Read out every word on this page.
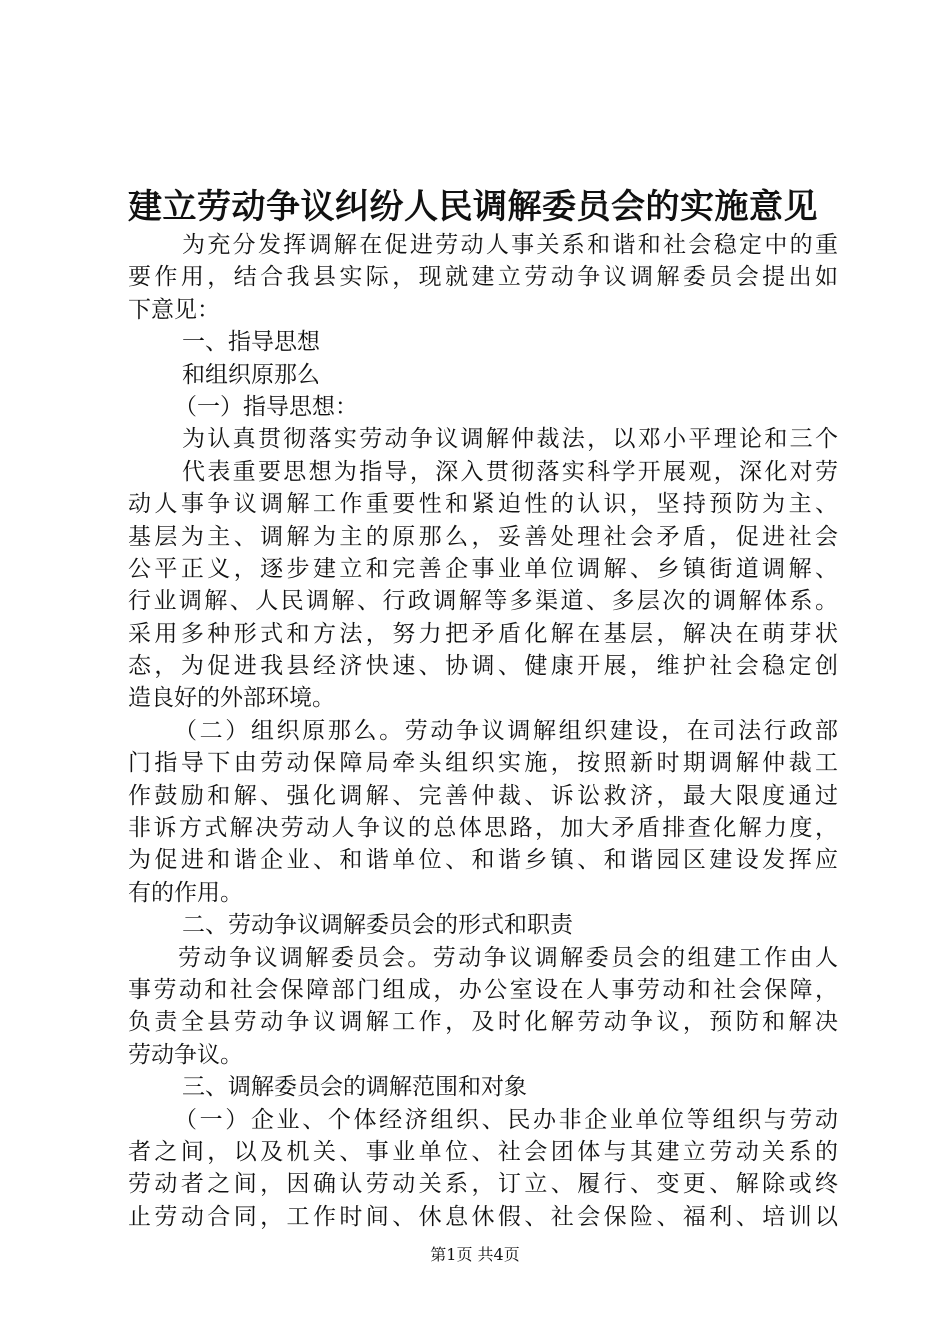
建立劳动争议纠纷人民调解委员会的实施意见
为充分发挥调解在促进劳动人事关系和谐和社会稳定中的重
要作用，结合我县实际，现就建立劳动争议调解委员会提出如
下意见：
一、指导思想
和组织原那么
（一）指导思想：
为认真贯彻落实劳动争议调解仲裁法，以邓小平理论和三个
代表重要思想为指导，深入贯彻落实科学开展观，深化对劳
动人事争议调解工作重要性和紧迫性的认识，坚持预防为主、
基层为主、调解为主的原那么，妥善处理社会矛盾，促进社会
公平正义，逐步建立和完善企事业单位调解、乡镇街道调解、
行业调解、人民调解、行政调解等多渠道、多层次的调解体系。
采用多种形式和方法，努力把矛盾化解在基层，解决在萌芽状
态，为促进我县经济快速、协调、健康开展，维护社会稳定创
造良好的外部环境。
（二）组织原那么。劳动争议调解组织建设，在司法行政部
门指导下由劳动保障局牵头组织实施，按照新时期调解仲裁工
作鼓励和解、强化调解、完善仲裁、诉讼救济，最大限度通过
非诉方式解决劳动人争议的总体思路，加大矛盾排查化解力度，
为促进和谐企业、和谐单位、和谐乡镇、和谐园区建设发挥应
有的作用。
二、劳动争议调解委员会的形式和职责
劳动争议调解委员会。劳动争议调解委员会的组建工作由人
事劳动和社会保障部门组成，办公室设在人事劳动和社会保障，
负责全县劳动争议调解工作，及时化解劳动争议，预防和解决
劳动争议。
三、调解委员会的调解范围和对象
（一）企业、个体经济组织、民办非企业单位等组织与劳动
者之间，以及机关、事业单位、社会团体与其建立劳动关系的
劳动者之间，因确认劳动关系，订立、履行、变更、解除或终
止劳动合同，工作时间、休息休假、社会保险、福利、培训以
第1页 共4页
